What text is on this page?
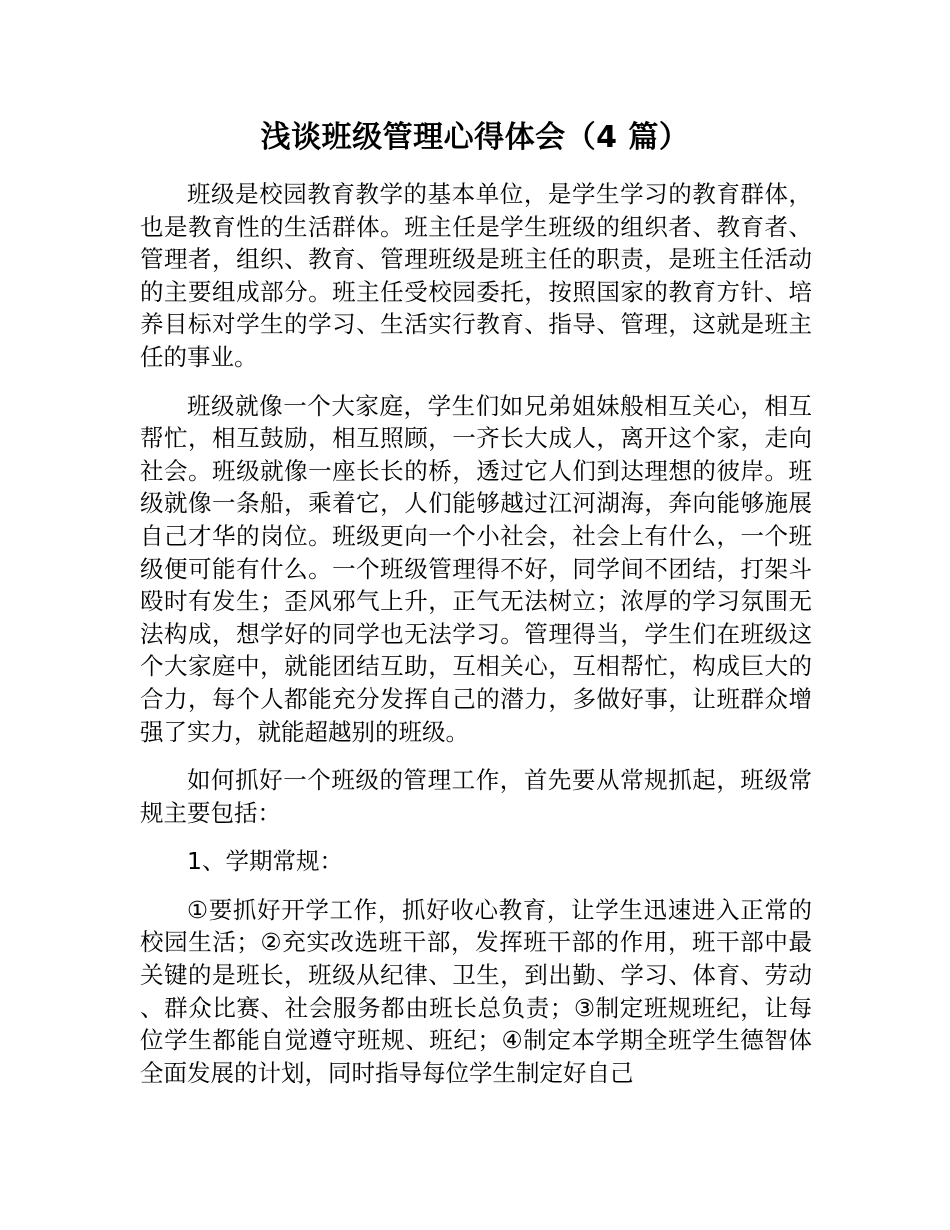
浅谈班级管理心得体会（4 篇）

班级是校园教育教学的基本单位，是学生学习的教育群体，也是教育性的生活群体。班主任是学生班级的组织者、教育者、管理者，组织、教育、管理班级是班主任的职责，是班主任活动的主要组成部分。班主任受校园委托，按照国家的教育方针、培养目标对学生的学习、生活实行教育、指导、管理，这就是班主任的事业。

班级就像一个大家庭，学生们如兄弟姐妹般相互关心，相互帮忙，相互鼓励，相互照顾，一齐长大成人，离开这个家，走向社会。班级就像一座长长的桥，透过它人们到达理想的彼岸。班级就像一条船，乘着它，人们能够越过江河湖海，奔向能够施展自己才华的岗位。班级更向一个小社会，社会上有什么，一个班级便可能有什么。一个班级管理得不好，同学间不团结，打架斗殴时有发生；歪风邪气上升，正气无法树立；浓厚的学习氛围无法构成，想学好的同学也无法学习。管理得当，学生们在班级这个大家庭中，就能团结互助，互相关心，互相帮忙，构成巨大的合力，每个人都能充分发挥自己的潜力，多做好事，让班群众增强了实力，就能超越别的班级。

如何抓好一个班级的管理工作，首先要从常规抓起，班级常规主要包括：

1、学期常规：

①要抓好开学工作，抓好收心教育，让学生迅速进入正常的校园生活；②充实改选班干部，发挥班干部的作用，班干部中最关键的是班长，班级从纪律、卫生，到出勤、学习、体育、劳动、群众比赛、社会服务都由班长总负责；③制定班规班纪，让每位学生都能自觉遵守班规、班纪；④制定本学期全班学生德智体全面发展的计划，同时指导每位学生制定好自己
